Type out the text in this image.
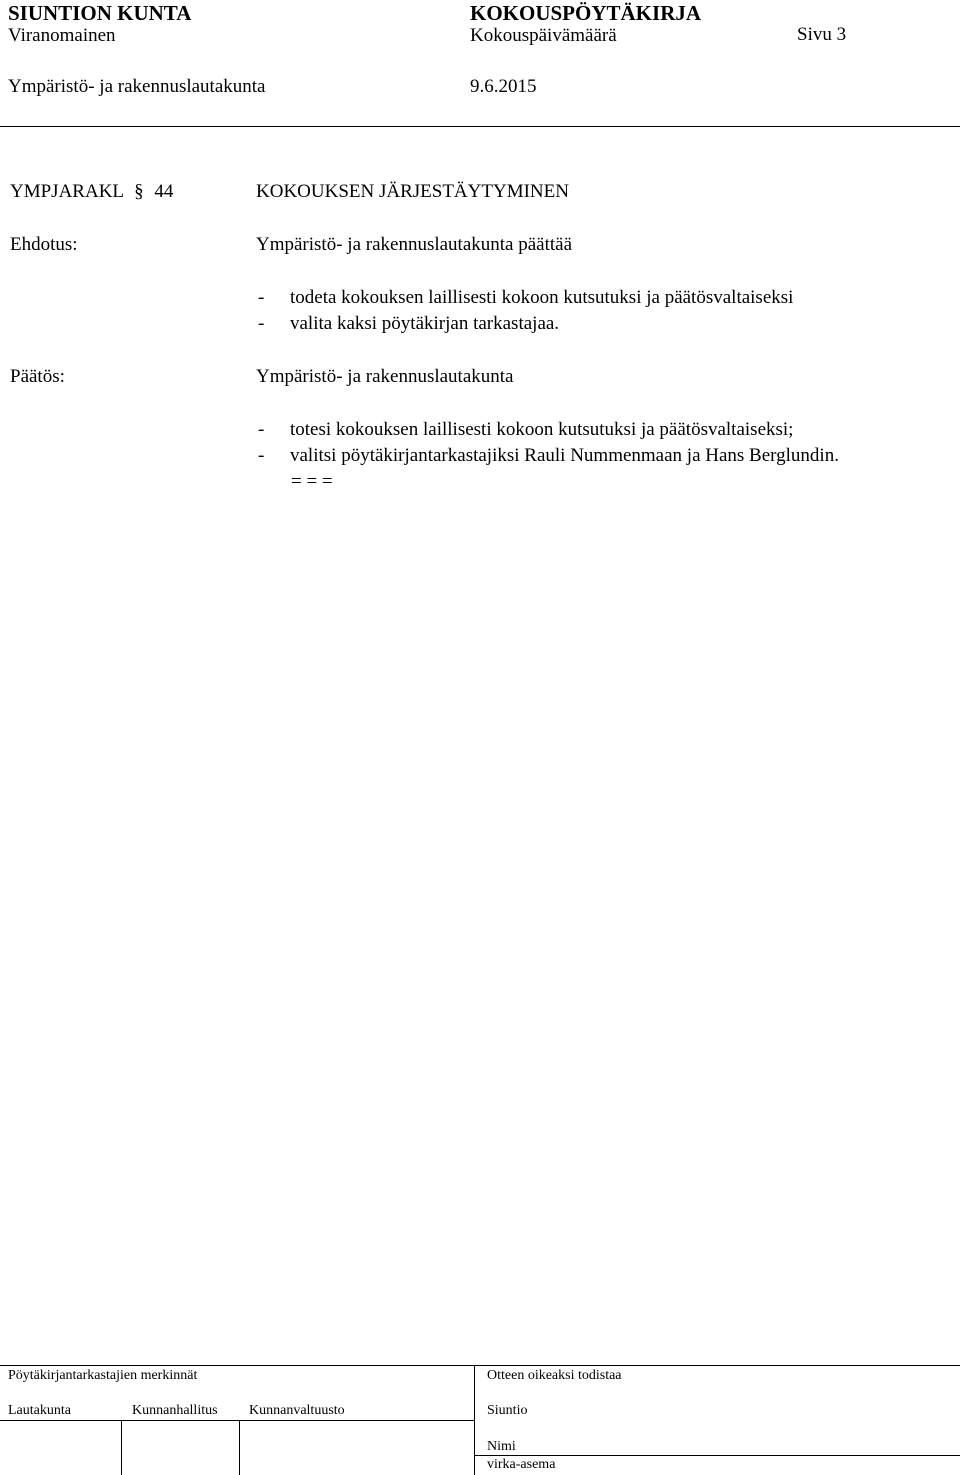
SIUNTION KUNTA	KOKOUSPÖYTÄKIRJA
Viranomainen	Kokouspäivämäärä	Sivu 3
Ympäristö- ja rakennuslautakunta	9.6.2015
YMPJARAKL § 44	KOKOUKSEN JÄRJESTÄYTYMINEN
Ehdotus:	Ympäristö- ja rakennuslautakunta päättää
- todeta kokouksen laillisesti kokoon kutsutuksi ja päätösvaltaiseksi
- valita kaksi pöytäkirjan tarkastajaa.
Päätös:	Ympäristö- ja rakennuslautakunta
- totesi kokouksen laillisesti kokoon kutsutuksi ja päätösvaltaiseksi;
- valitsi pöytäkirjantarkastajiksi Rauli Nummenmaan ja Hans Berglundin.
= = =
Pöytäkirjantarkastajien merkinnät	Otteen oikeaksi todistaa
Lautakunta	Kunnanhallitus Kunnanvaltuusto	Siuntio
Nimi
virka-asema
